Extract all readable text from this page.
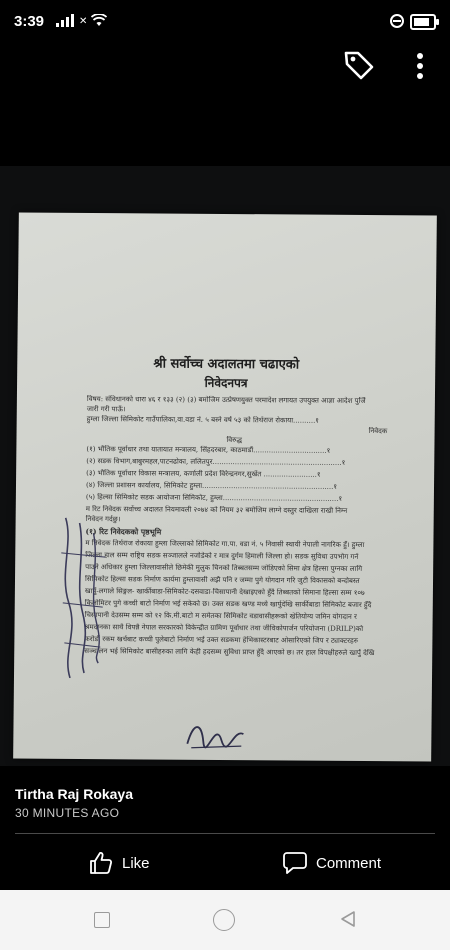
3:39	✕
श्री सर्वोच्च अदालतमा चढाएको
निवेदनपत्र
विषय: संविधानको धारा ४६ र १३३ (२) (३) बमोजिम उत्प्रेषणयुक्त परमादेश लगायत उपयुक्त आज्ञा आदेश पुर्जि
जारी गरी पाऊँ।
हुम्ला जिल्ला सिमिकोट गाउँपालिका,वा.वडा नं. ५ बस्ने वर्ष ५३ को तिर्थराज रोकाया..........१
निवेदक
विरुद्ध
(१) भौतिक पूर्वाधार तथा यातायात मन्त्रालय, सिंहदरबार, काठमाडौं.................................१
(२) सडक विभाग,बाबुरमहल,पाटनढोका, ललितपुर..........................................................१
(३) भौतिक पूर्वाधार विकास मन्त्रालय, कर्णाली प्रदेश विरेन्द्रनगर,सुर्खेत ........................१
(४) जिल्ला प्रशासन कार्यालय, सिमिकोट हुम्ला...........................................................१
(५) हिल्सा सिमिकोट सडक आयोजना सिमिकोट, हुम्ला....................................................१
म रिट निवेदक सर्वोच्च अदालत नियमावली २०७४ को नियम ३२ बमोजिम लाग्ने दस्तुर दाखिला राखी निम्न
निवेदन गर्दछु।
(१) रिट निवेदकको पृष्ठभूमि
म निवेदक तिर्थराज रोकाया हुम्ला जिल्लाको सिमिकोट गा.पा. वडा नं. ५ निवासी स्थायी नेपाली नागरिक हुँ। हुम्ला
जिल्ला हाल सम्म राष्ट्रिय सडक सञ्जालले नजोडेको र मात्र दुर्गम हिमाली जिल्ला हो। सडक सुविधा उपभोग गर्न
पाउने अधिकार हुम्ला जिल्लावासीले छिमेकी मुलुक चिनको तिब्बतसम्म जोडिएको सिमा क्षेत्र हिल्सा पुग्नका लागि
सिमिकोट हिल्सा सडक निर्माण कार्यमा हुम्लावासी अझै पनि र जम्मा पुगे योगदान गरि जुटी विकासको बन्दोबस्त
खार्पु-लगाले सिङ्गल- खार्कीबाडा-सिमिकोट-दसवाडा-चिसापानी देखाइएको हुँदै तिब्बतको सिमाना हिल्सा सम्म १०७
किलोमिटर पुगे कच्ची बाटो निर्माण भई सकेको छ। उक्त सडक खण्ड मध्ये खार्पुदेखि सार्कीबाडा सिमिकोट बजार हुँदै
चिसापानी देउसम्म सम्म को १२ कि.मी.बाटो म समेतका सिमिकोट वडावासीहरूको खेतियोग्य जमिन योगदान र
श्रमदानका साथै विपन्नै नेपाल सरकारको विकेन्द्रीत ग्रामिण पूर्वाधार तथा जीविकोपार्जन परियोजना (DRILP)को
करोडौं रकम खर्चबाट कच्ची पुलेबाटो निर्माण भई उक्त सडकमा हेभिकास्टरबाट ओसारिएको जिप र ट्याक्टरहरु
सञ्चालन भई सिमिकोट बासीहरुका लागि केही हदसम्म सुविधा प्राप्त हुँदै आएको छ। तर हाल विपक्षीहरुले खार्पु देखि
Tirtha Raj Rokaya
30 MINUTES AGO
Like	Comment
